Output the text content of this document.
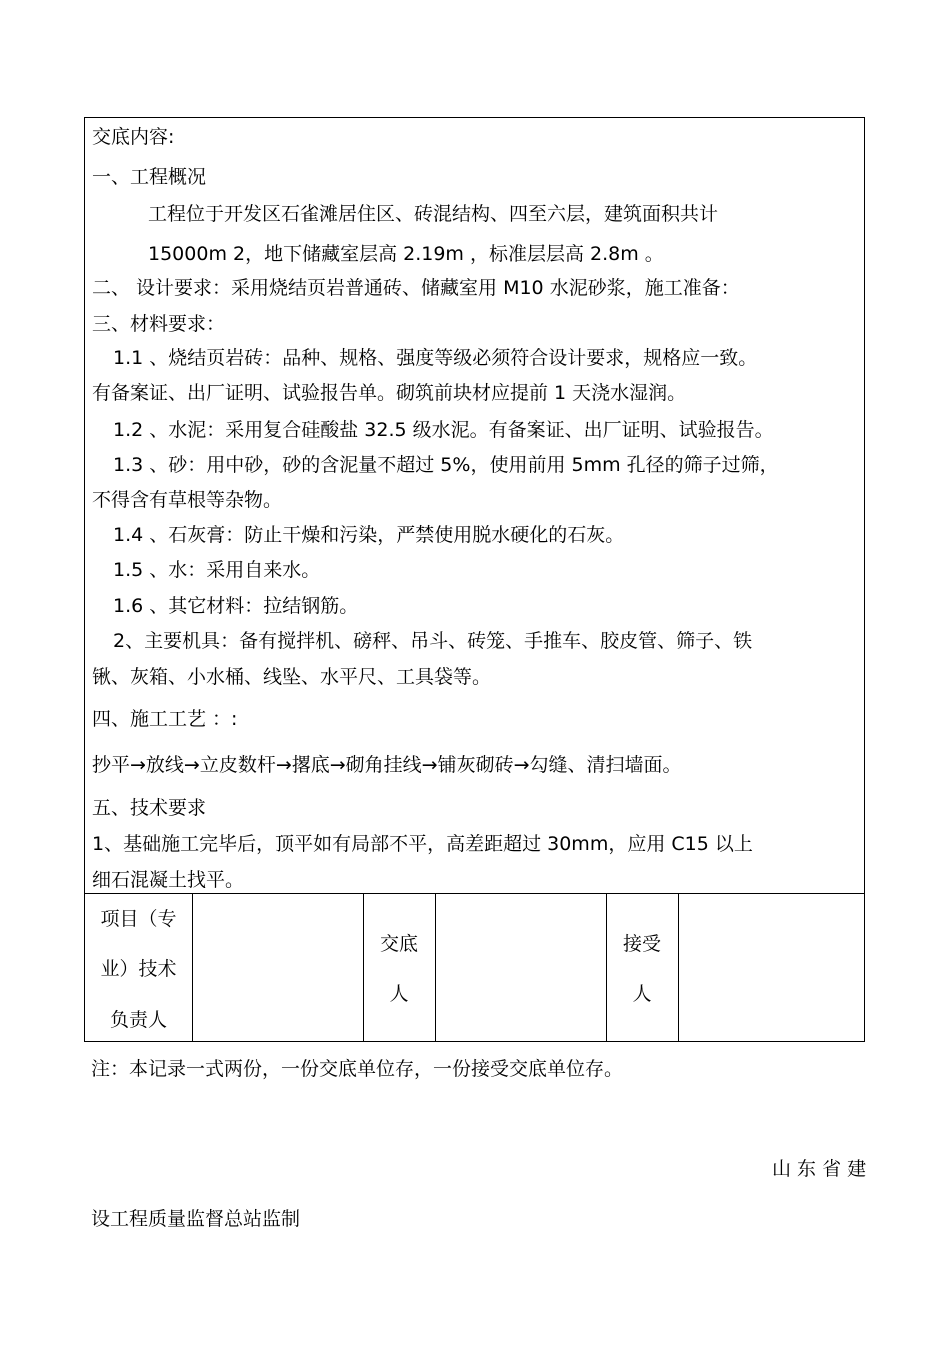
交底内容:
一、工程概况
工程位于开发区石雀滩居住区、砖混结构、四至六层，建筑面积共计
15000m 2，地下储藏室层高 2.19m ，标准层层高 2.8m 。
二、 设计要求：采用烧结页岩普通砖、储藏室用 M10 水泥砂浆，施工准备：
三、材料要求：
1.1 、烧结页岩砖：品种、规格、强度等级必须符合设计要求，规格应一致。
有备案证、出厂证明、试验报告单。砌筑前块材应提前 1 天浇水湿润。
1.2 、水泥：采用复合硅酸盐 32.5 级水泥。有备案证、出厂证明、试验报告。
1.3 、砂：用中砂，砂的含泥量不超过 5%，使用前用 5mm 孔径的筛子过筛，
不得含有草根等杂物。
1.4 、石灰膏：防止干燥和污染，严禁使用脱水硬化的石灰。
1.5 、水：采用自来水。
1.6 、其它材料：拉结钢筋。
2、主要机具：备有搅拌机、磅秤、吊斗、砖笼、手推车、胶皮管、筛子、铁
锹、灰箱、小水桶、线坠、水平尺、工具袋等。
四、施工工艺 ：:
抄平→放线→立皮数杆→撂底→砌角挂线→铺灰砌砖→勾缝、清扫墙面。
五、技术要求
1、基础施工完毕后，顶平如有局部不平，高差距超过 30mm，应用 C15 以上
细石混凝土找平。
项目（专
业）技术
负责人
交底
人
接受
人
注：本记录一式两份，一份交底单位存，一份接受交底单位存。
山 东 省 建
设工程质量监督总站监制
